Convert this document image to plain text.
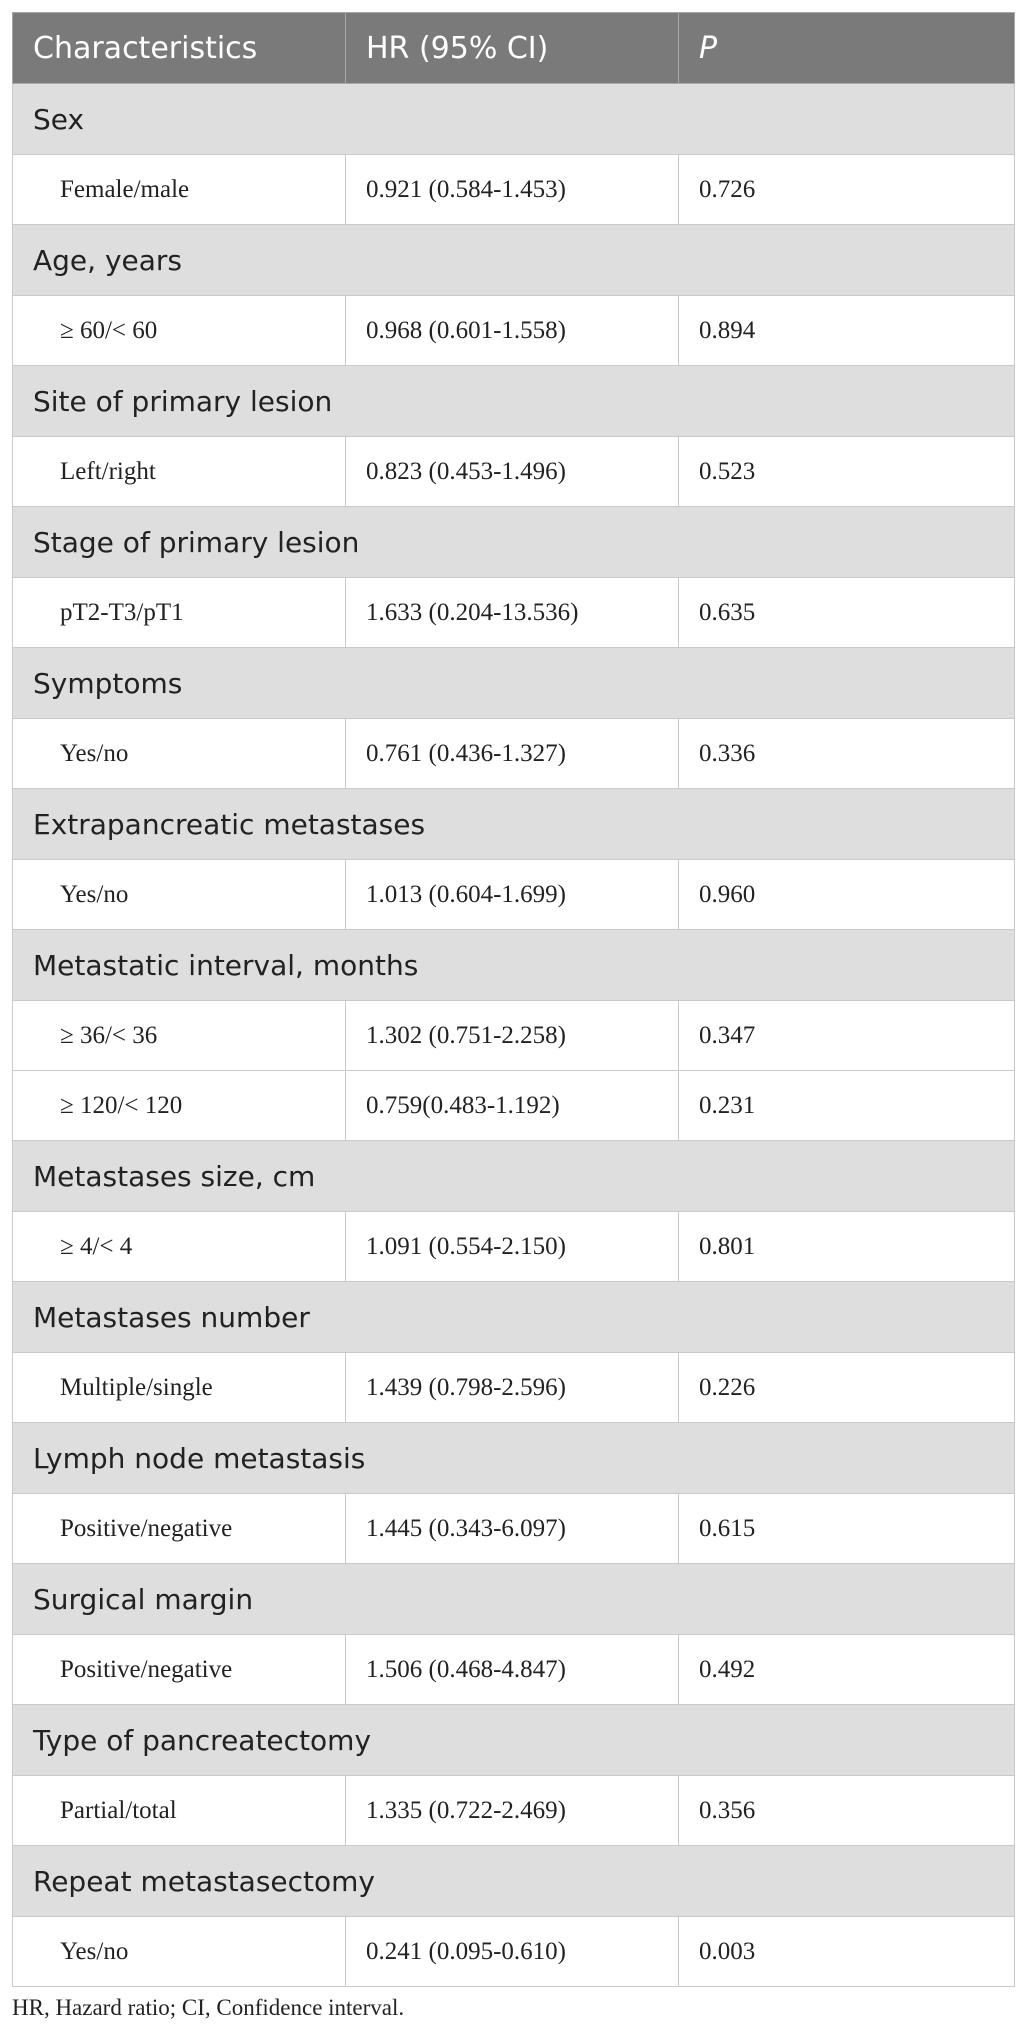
Characteristics	HR (95% CI)	P
Sex		
Female/male	0.921 (0.584-1.453)	0.726
Age, years		
≥ 60/< 60	0.968 (0.601-1.558)	0.894
Site of primary lesion		
Left/right	0.823 (0.453-1.496)	0.523
Stage of primary lesion		
pT2-T3/pT1	1.633 (0.204-13.536)	0.635
Symptoms		
Yes/no	0.761 (0.436-1.327)	0.336
Extrapancreatic metastases		
Yes/no	1.013 (0.604-1.699)	0.960
Metastatic interval, months		
≥ 36/< 36	1.302 (0.751-2.258)	0.347
≥ 120/< 120	0.759(0.483-1.192)	0.231
Metastases size, cm		
≥ 4/< 4	1.091 (0.554-2.150)	0.801
Metastases number		
Multiple/single	1.439 (0.798-2.596)	0.226
Lymph node metastasis		
Positive/negative	1.445 (0.343-6.097)	0.615
Surgical margin		
Positive/negative	1.506 (0.468-4.847)	0.492
Type of pancreatectomy		
Partial/total	1.335 (0.722-2.469)	0.356
Repeat metastasectomy		
Yes/no	0.241 (0.095-0.610)	0.003
HR, Hazard ratio; CI, Confidence interval.
